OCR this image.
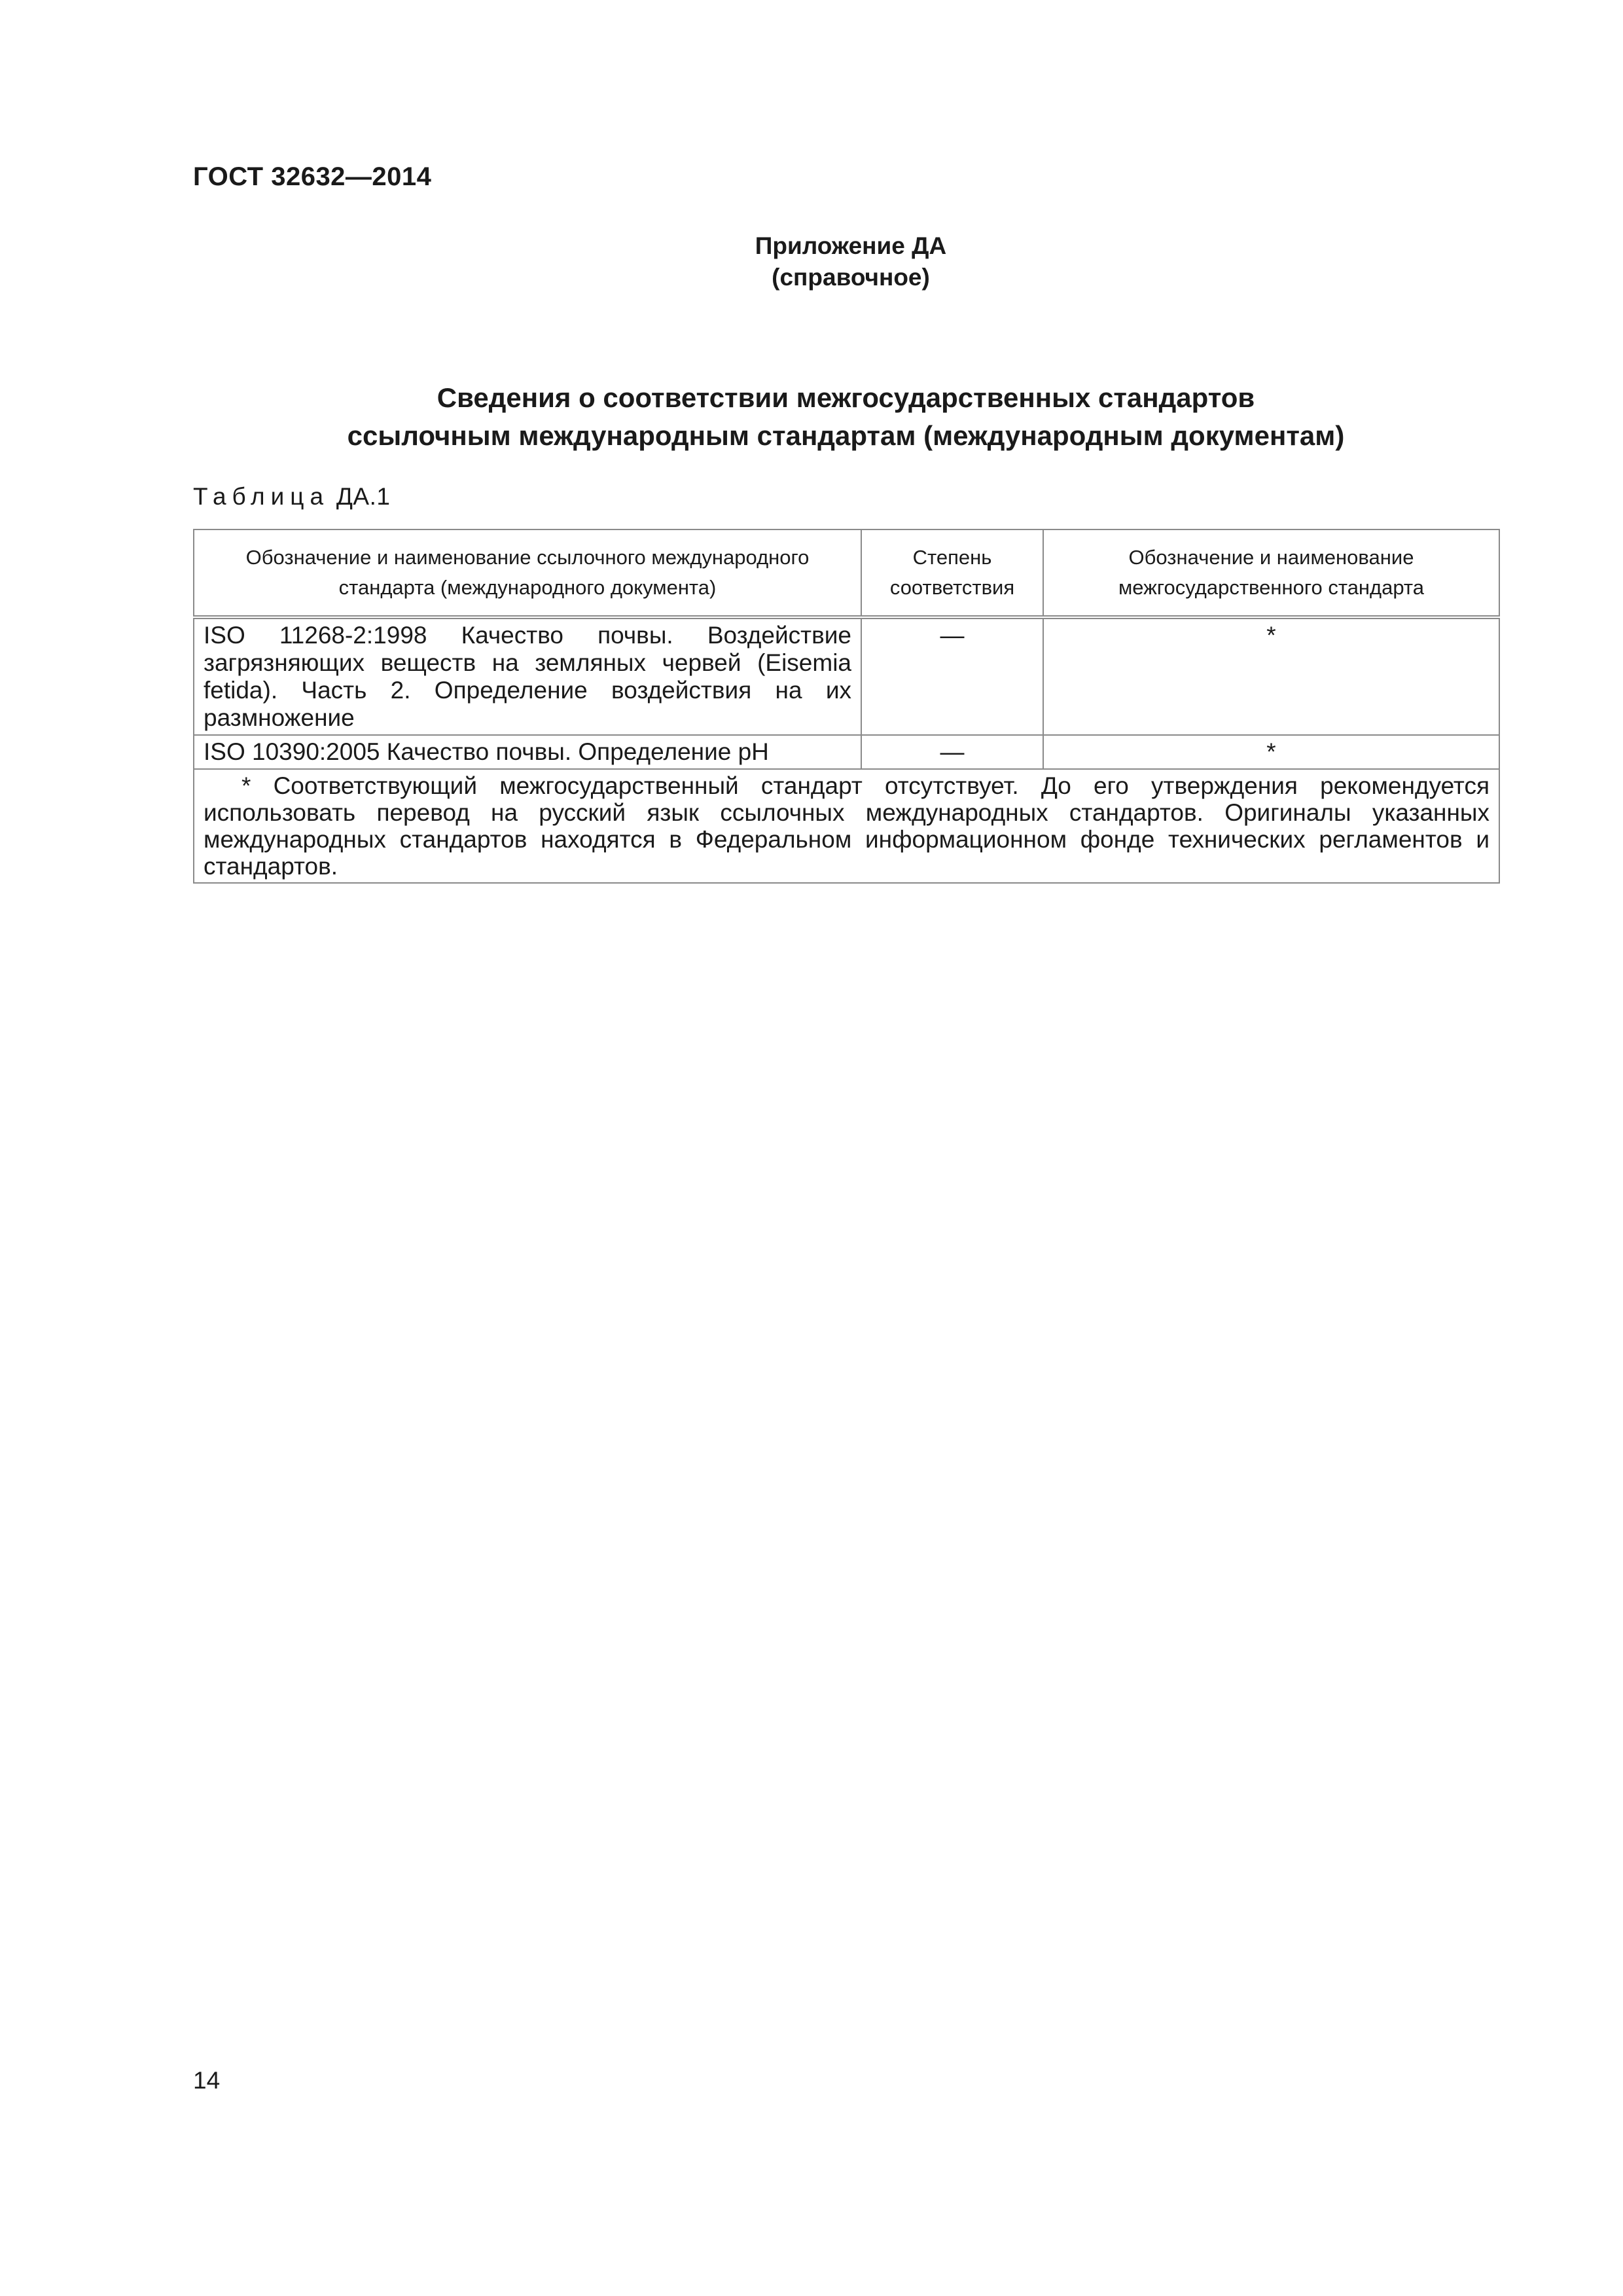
ГОСТ 32632—2014
Приложение ДА
(справочное)
Сведения о соответствии межгосударственных стандартов
ссылочным международным стандартам (международным документам)
Таблица ДА.1
Обозначение и наименование ссылочного международного стандарта (международного документа)	Степень соответствия	Обозначение и наименование межгосударственного стандарта
ISO 11268-2:1998 Качество почвы. Воздействие загрязняющих веществ на земляных червей (Eisemia fetida). Часть 2. Определение воздействия на их размножение	—	*
ISO 10390:2005 Качество почвы. Определение pH	—	*
* Соответствующий межгосударственный стандарт отсутствует. До его утверждения рекомендуется использовать перевод на русский язык ссылочных международных стандартов. Оригиналы указанных международных стандартов находятся в Федеральном информационном фонде технических регламентов и стандартов.		
14
